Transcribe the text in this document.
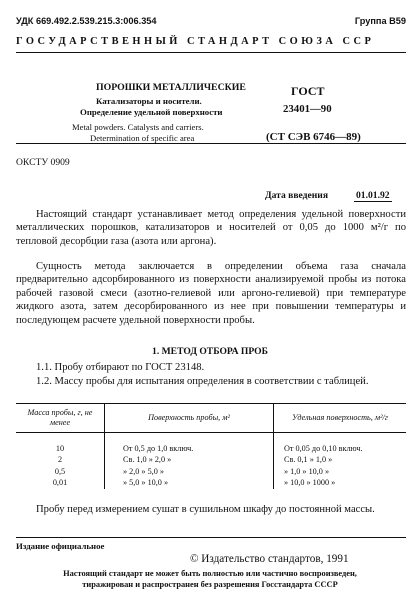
УДК 669.492.2.539.215.3:006.354	Группа В59
ГОСУДАРСТВЕННЫЙ СТАНДАРТ СОЮЗА ССР
ПОРОШКИ МЕТАЛЛИЧЕСКИЕ
Катализаторы и носители.
Определение удельной поверхности
Metal powders. Catalysts and carriers.
Determination of specific area
ГОСТ
23401—90
(СТ СЭВ 6746—89)
ОКСТУ 0909
Дата введения	01.01.92

Настоящий стандарт устанавливает метод определения удельной поверхности металлических порошков, катализаторов и носителей от 0,05 до 1000 м²/г по тепловой десорбции газа (азота или аргона).

Сущность метода заключается в определении объема газа сначала предварительно адсорбированного из поверхности анализируемой пробы из потока рабочей газовой смеси (азотно-гелиевой или аргоно-гелиевой) при температуре жидкого азота, затем десорбированного из нее при повышении температуры и последующем расчете удельной поверхности пробы.

1. МЕТОД ОТБОРА ПРОБ

1.1. Пробу отбирают по ГОСТ 23148.

1.2. Массу пробы для испытания определения в соответствии с таблицей.

Масса пробы, г, не менее	Поверхность пробы, м²	Удельная поверхность, м²/г

10	От 0,5 до 1,0 включ.	От 0,05 до 0,10 включ.
2	Св. 1,0 » 2,0 »	Св. 0,1 » 1,0 »
0,5	» 2,0 » 5,0 »	» 1,0 » 10,0 »
0,01	» 5,0 » 10,0 »	» 10,0 » 1000 »

Пробу перед измерением сушат в сушильном шкафу до постоянной массы.

Издание официальное
© Издательство стандартов, 1991
Настоящий стандарт не может быть полностью или частично воспроизведен,
тиражирован и распространен без разрешения Госстандарта СССР
